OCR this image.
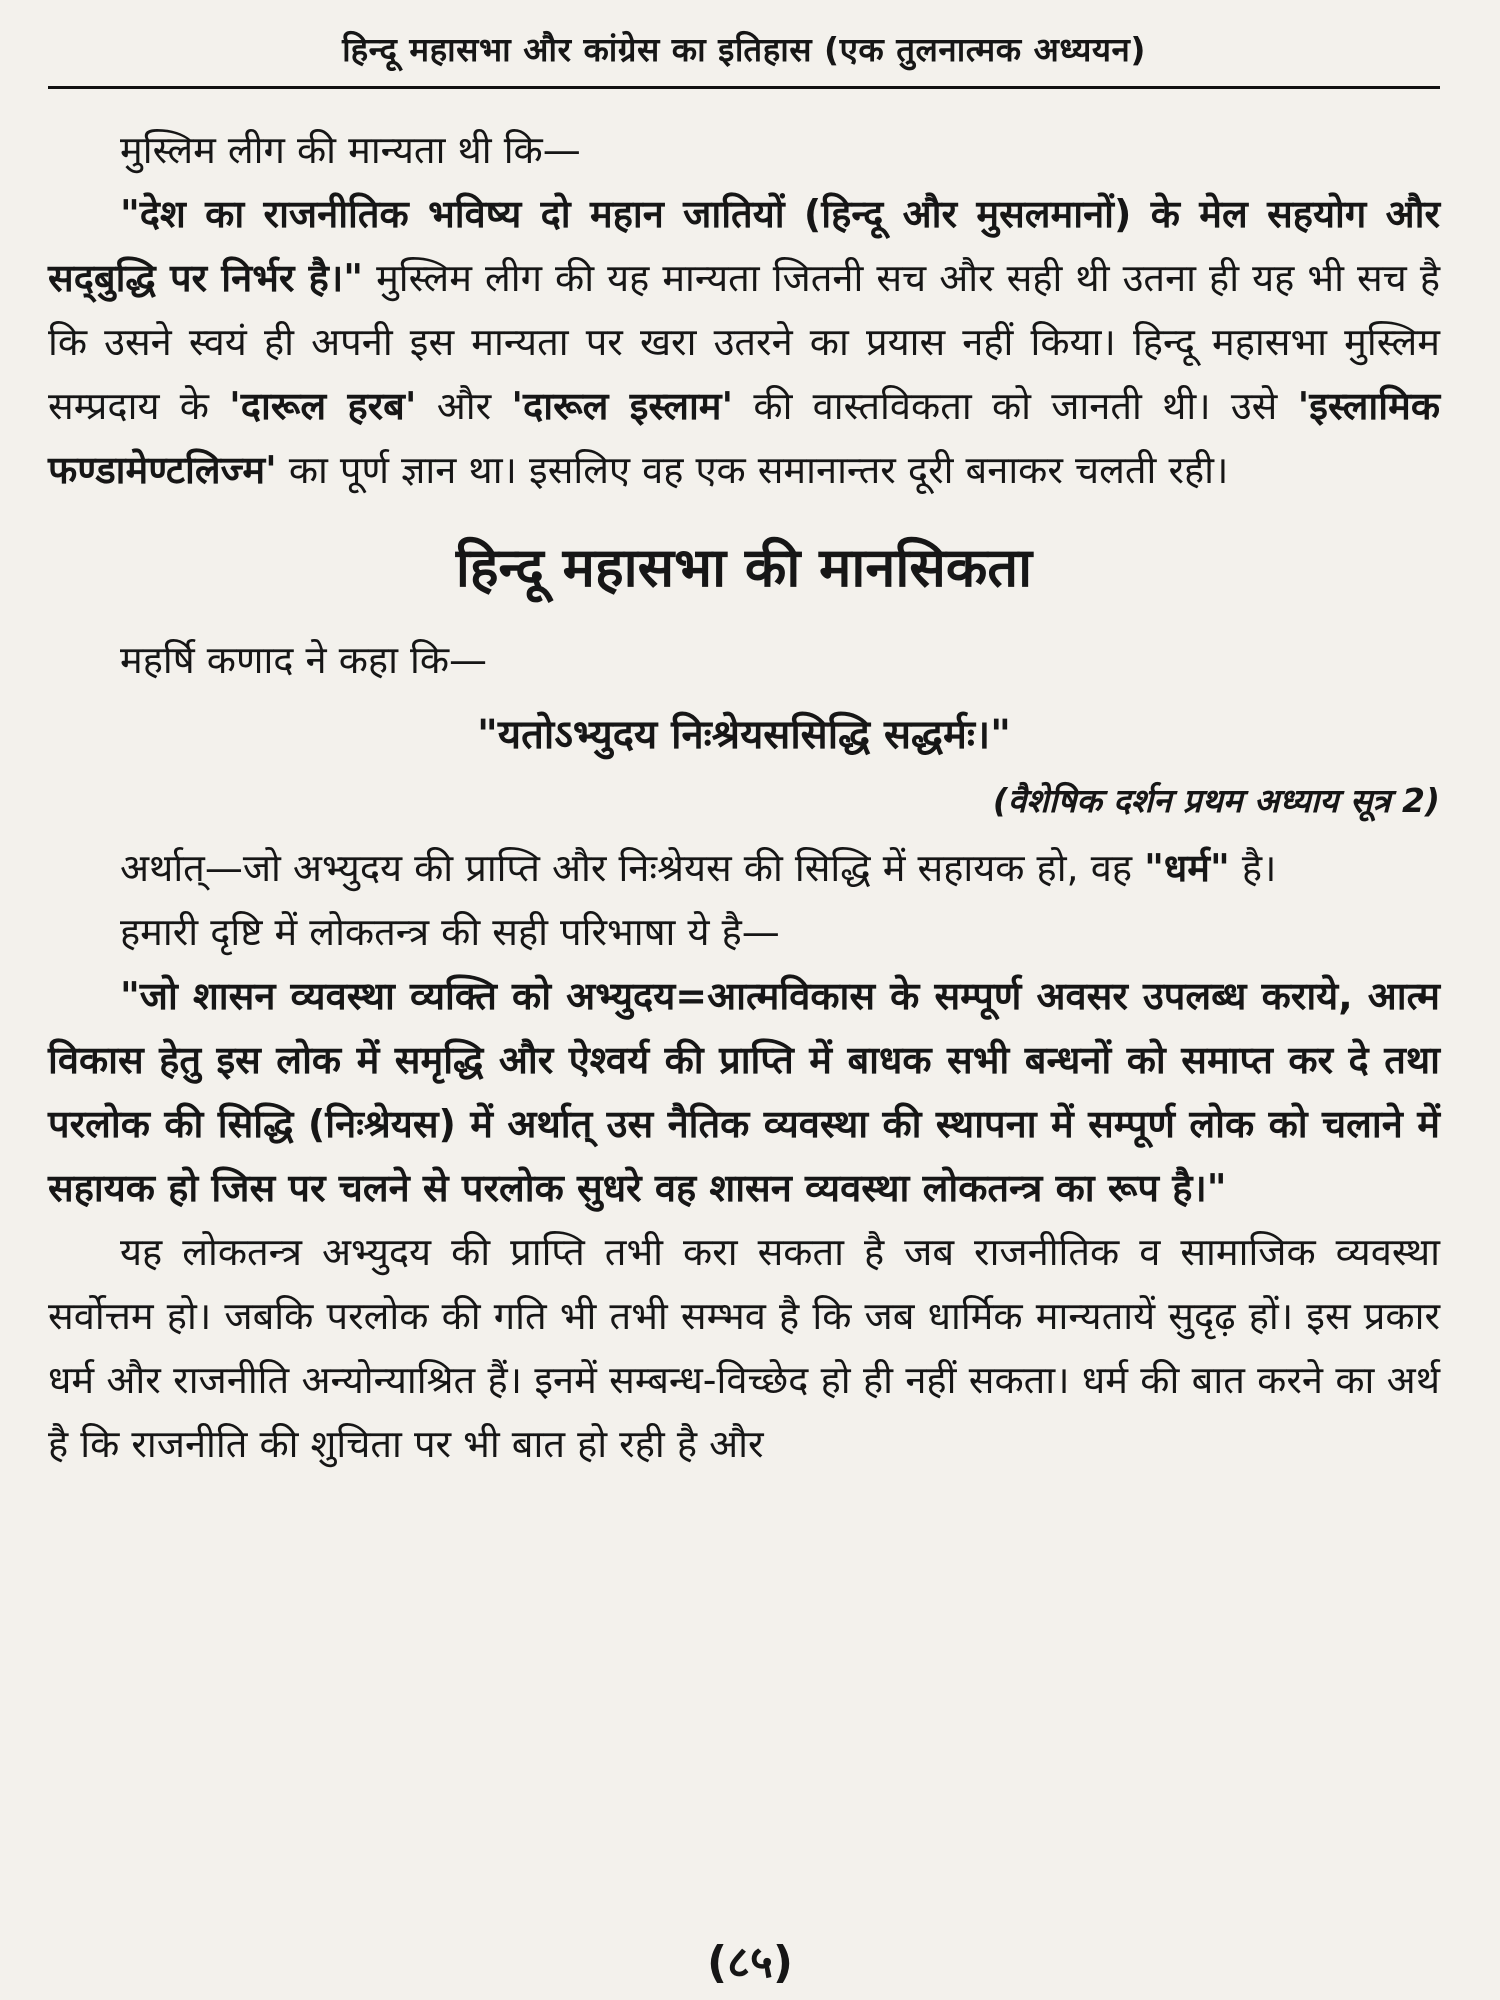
हिन्दू महासभा और कांग्रेस का इतिहास (एक तुलनात्मक अध्ययन)

मुस्लिम लीग की मान्यता थी कि—

"देश का राजनीतिक भविष्य दो महान जातियों (हिन्दू और मुसलमानों) के मेल सहयोग और सद्‌बुद्धि पर निर्भर है।" मुस्लिम लीग की यह मान्यता जितनी सच और सही थी उतना ही यह भी सच है कि उसने स्वयं ही अपनी इस मान्यता पर खरा उतरने का प्रयास नहीं किया। हिन्दू महासभा मुस्लिम सम्प्रदाय के 'दारूल हरब' और 'दारूल इस्लाम' की वास्तविकता को जानती थी। उसे 'इस्लामिक फण्डामेण्टलिज्म' का पूर्ण ज्ञान था। इसलिए वह एक समानान्तर दूरी बनाकर चलती रही।

हिन्दू महासभा की मानसिकता

महर्षि कणाद ने कहा कि—

"यतोऽभ्युदय निःश्रेयससिद्धि सद्धर्मः।"
(वैशेषिक दर्शन प्रथम अध्याय सूत्र 2)

अर्थात्—जो अभ्युदय की प्राप्ति और निःश्रेयस की सिद्धि में सहायक हो, वह "धर्म" है।

हमारी दृष्टि में लोकतन्त्र की सही परिभाषा ये है—

"जो शासन व्यवस्था व्यक्ति को अभ्युदय=आत्मविकास के सम्पूर्ण अवसर उपलब्ध कराये, आत्म विकास हेतु इस लोक में समृद्धि और ऐश्वर्य की प्राप्ति में बाधक सभी बन्धनों को समाप्त कर दे तथा परलोक की सिद्धि (निःश्रेयस) में अर्थात् उस नैतिक व्यवस्था की स्थापना में सम्पूर्ण लोक को चलाने में सहायक हो जिस पर चलने से परलोक सुधरे वह शासन व्यवस्था लोकतन्त्र का रूप है।"

यह लोकतन्त्र अभ्युदय की प्राप्ति तभी करा सकता है जब राजनीतिक व सामाजिक व्यवस्था सर्वोत्तम हो। जबकि परलोक की गति भी तभी सम्भव है कि जब धार्मिक मान्यतायें सुदृढ़ हों। इस प्रकार धर्म और राजनीति अन्योन्याश्रित हैं। इनमें सम्बन्ध-विच्छेद हो ही नहीं सकता। धर्म की बात करने का अर्थ है कि राजनीति की शुचिता पर भी बात हो रही है और

(८५)
